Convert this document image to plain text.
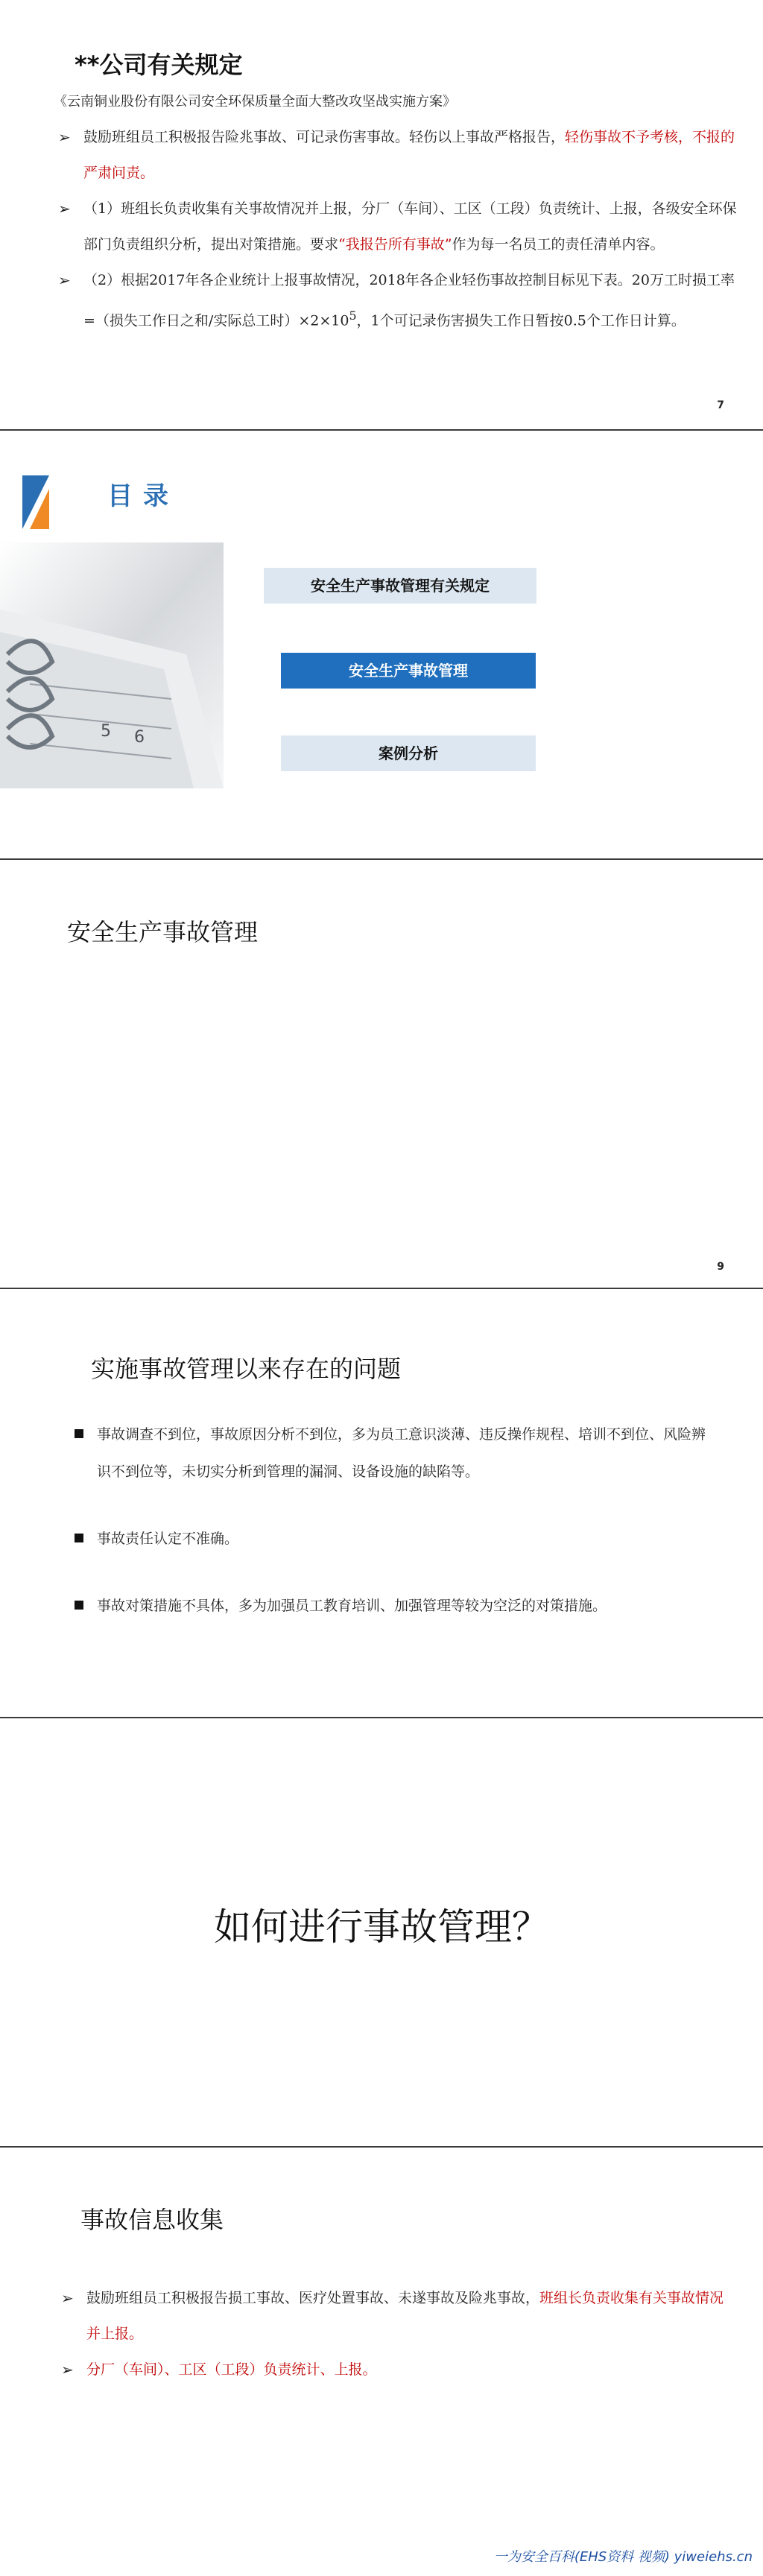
**公司有关规定
《云南铜业股份有限公司安全环保质量全面大整改攻坚战实施方案》
➢ 鼓励班组员工积极报告险兆事故、可记录伤害事故。轻伤以上事故严格报告，轻伤事故不予考核，不报的严肃问责。
➢ （1）班组长负责收集有关事故情况并上报，分厂（车间）、工区（工段）负责统计、上报，各级安全环保部门负责组织分析，提出对策措施。要求“我报告所有事故”作为每一名员工的责任清单内容。
➢ （2）根据2017年各企业统计上报事故情况，2018年各企业轻伤事故控制目标见下表。20万工时损工率=（损失工作日之和/实际总工时）$\times 2\times 10^5$，1个可记录伤害损失工作日暂按0.5个工作日计算。
7
目录
5 6
安全生产事故管理有关规定
安全生产事故管理
案例分析
安全生产事故管理
9
实施事故管理以来存在的问题
事故调查不到位，事故原因分析不到位，多为员工意识淡薄、违反操作规程、培训不到位、风险辨识不到位等，未切实分析到管理的漏洞、设备设施的缺陷等。
事故责任认定不准确。
事故对策措施不具体，多为加强员工教育培训、加强管理等较为空泛的对策措施。
如何进行事故管理？
事故信息收集
➢ 鼓励班组员工积极报告损工事故、医疗处置事故、未遂事故及险兆事故，班组长负责收集有关事故情况并上报。
➢ 分厂（车间）、工区（工段）负责统计、上报。
一为安全百科(EHS资料 视频) yiweiehs.cn
